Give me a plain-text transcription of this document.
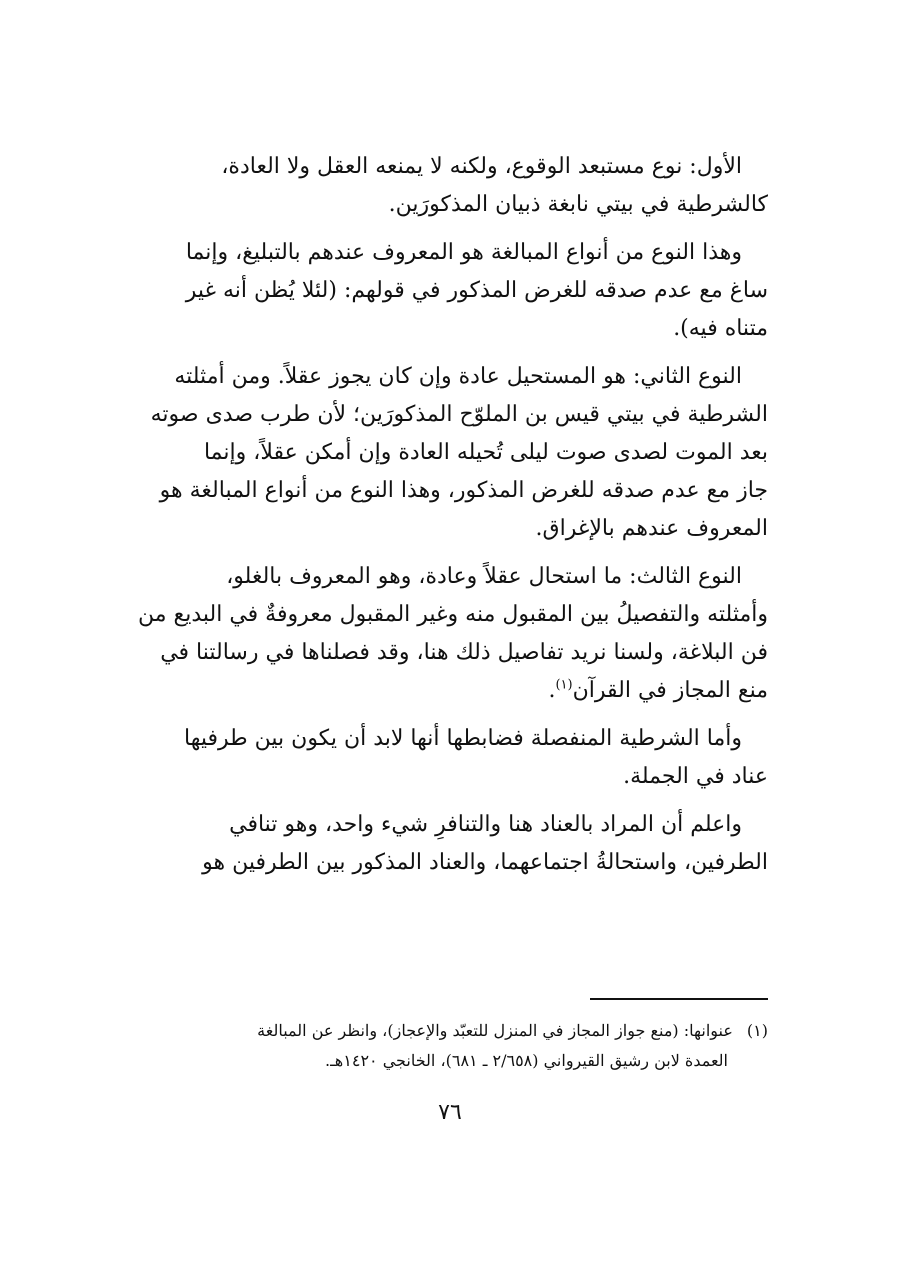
الأول: نوع مستبعد الوقوع، ولكنه لا يمنعه العقل ولا العادة،
كالشرطية في بيتي نابغة ذبيان المذكورَين.

وهذا النوع من أنواع المبالغة هو المعروف عندهم بالتبليغ، وإنما
ساغ مع عدم صدقه للغرض المذكور في قولهم: (لئلا يُظن أنه غير
متناه فيه).

النوع الثاني: هو المستحيل عادة وإن كان يجوز عقلاً. ومن أمثلته
الشرطية في بيتي قيس بن الملوّح المذكورَين؛ لأن طرب صدى صوته
بعد الموت لصدى صوت ليلى تُحيله العادة وإن أمكن عقلاً، وإنما
جاز مع عدم صدقه للغرض المذكور، وهذا النوع من أنواع المبالغة هو
المعروف عندهم بالإغراق.

النوع الثالث: ما استحال عقلاً وعادة، وهو المعروف بالغلو،
وأمثلته والتفصيلُ بين المقبول منه وغير المقبول معروفةٌ في البديع من
فن البلاغة، ولسنا نريد تفاصيل ذلك هنا، وقد فصلناها في رسالتنا في
منع المجاز في القرآن$^{(١)}$.

وأما الشرطية المنفصلة فضابطها أنها لابد أن يكون بين طرفيها
عناد في الجملة.

واعلم أن المراد بالعناد هنا والتنافرِ شيء واحد، وهو تنافي
الطرفين، واستحالةُ اجتماعهما، والعناد المذكور بين الطرفين هو

(١)عنوانها: (منع جواز المجاز في المنزل للتعبّد والإعجاز)، وانظر عن المبالغة
العمدة لابن رشيق القيرواني (٢/٦٥٨ ـ ٦٨١)، الخانجي ١٤٢٠هـ.
٧٦
